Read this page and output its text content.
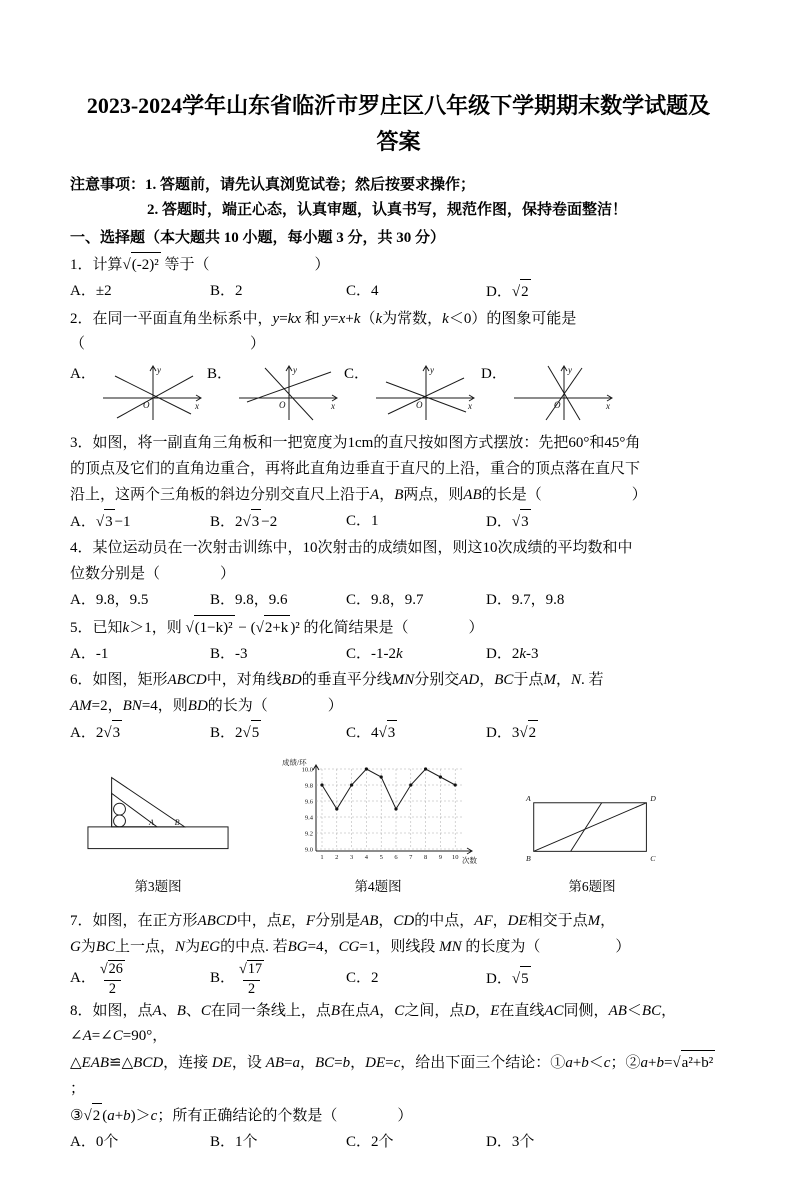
2023-2024学年山东省临沂市罗庄区八年级下学期期末数学试题及
答案
注意事项：1. 答题前，请先认真浏览试卷；然后按要求操作；
2. 答题时，端正心态，认真审题，认真书写，规范作图，保持卷面整洁！
一、选择题（本大题共 10 小题，每小题 3 分，共 30 分）
1．计算√(-2)² 等于（　　　　　　　）
A．±2	B．2	C．4	D．√2
2．在同一平面直角坐标系中，y=kx 和 y=x+k（k为常数，k＜0）的图象可能是（　　　　　　　　　　　）
A．	y
O	x
B．	y
O	x
C．	y
O	x
D．	y
O	x
3．如图，将一副直角三角板和一把宽度为1cm的直尺按如图方式摆放：先把60°和45°角
的顶点及它们的直角边重合，再将此直角边垂直于直尺的上沿，重合的顶点落在直尺下
沿上，这两个三角板的斜边分别交直尺上沿于A，B两点，则AB的长是（　　　　　　）
A．√3 −1	B．2√3 −2	C．1	D．√3
4．某位运动员在一次射击训练中，10次射击的成绩如图，则这10次成绩的平均数和中
位数分别是（　　　　）
A．9.8，9.5	B．9.8，9.6	C．9.8，9.7	D．9.7，9.8
5．已知k＞1，则 √(1−k)² − (√2+k )² 的化简结果是（　　　　）
A．-1	B．-3	C．-1-2k	D．2k-3
6．如图，矩形ABCD中，对角线BD的垂直平分线MN分别交AD，BC于点M，N. 若
AM=2，BN=4，则BD的长为（　　　　）
A．2√3	B．2√5	C．4√3	D．3√2
A	B
第3题图
10.0
9.8
9.6
9.4
9.2
9.0
1 2 3 4 5 6 7 8 9 10
成绩/环
次数
第4题图
A	D
B	C
第6题图
7．如图，在正方形ABCD中，点E，F分别是AB，CD的中点，AF，DE相交于点M，
G为BC上一点，N为EG的中点. 若BG=4，CG=1，则线段 MN 的长度为（　　　　　）
A． $\frac{√26}{2}$	B． $\frac{√17}{2}$	C．2	D．√5
8．如图，点A、B、C在同一条线上，点B在点A，C之间，点D，E在直线AC同侧，AB＜BC，∠A=∠C=90°，
△EAB≌△BCD，连接 DE，设 AB=a，BC=b，DE=c，给出下面三个结论：①a+b＜c；②a+b=√a²+b²；
③√2 (a+b)＞c；所有正确结论的个数是（　　　　）
A．0个	B．1个	C．2个	D．3个
